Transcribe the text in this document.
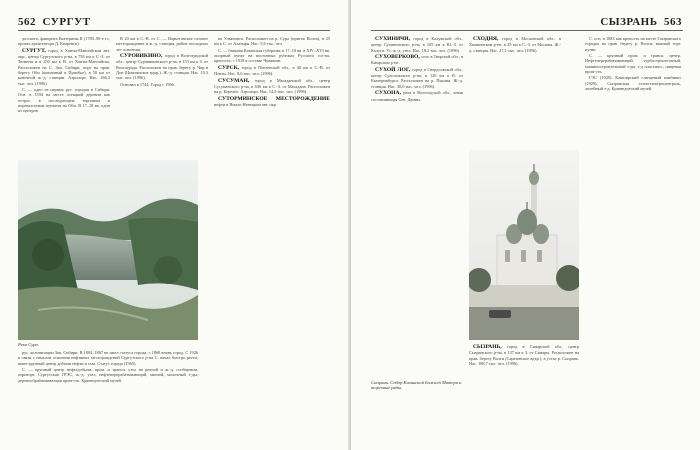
562 СУРГУТ

досского, фаворита Екатерины II (1780–90-е гг., проект архитектора Д. Кваренги).

СУРГУТ, город в Ханты-Мансийском авт. окр., центр Сургутского р-на, в 758 км к С.-З. от Тюмени и в 250 км к В. от Ханты-Мансийска. Расположен на С. Зап. Сибири, порт на прав. берегу Оби (кошенный в Приобье), в 50 км от конечной ж.-д. станции. Аэропорт. Нас. 266,3 тыс. чел. (1996).

С. — одно из первых рус. городов в Сибири. Осн. в 1594 на месте остяцкой деревни как острог, в последующем торговым и перевалочным пунктом на Оби. В 17–18 вв. один из центров

Река Сура.

В 20 км к С.-В. от С. — Варьеганское газовое месторождение и ж.-д. станция, район последних лет освоения.

СУРОВИКИНО, город в Волгоградской обл., центр Суровикинского р-на, в 153 км к З. от Волгограда. Расположен на прав. берегу р. Чир в Дон (Цимлянское вдхр.). Ж.-д. станция. Нас. 19,3 тыс. чел. (1996).

Основан в 1744. Город с 1966.

на Ульяновск. Расположен на р. Сура (приток Волги), в 25 км к С. от Алатыря. Нас. 5,6 тыс. чел.

С. — бывшая Казанская губерния; в 17–18 вв. в XIV–XVI вв. опорный пункт на восточных рубежах Русского гос-ва, крепость; с 1918 в составе Чувашии.

СУРСК, город в Пензенской обл., в 40 км к С.-В. от Пензы. Нас. 8,6 тыс. чел. (1996).

СУСУМАН, город в Магаданской обл., центр Сусуманского р-на, в 630 км к С.-З. от Магадана. Расположен на р. Берелёх. Аэропорт. Нас. 14,9 тыс. чел. (1996).

СУТОРМИНСКОЕ МЕСТОРОЖДЕНИЕ нефти в Ямало-Ненецком авт. окр.

рус. колонизации Зап. Сибири. В 1804–1867 не имел статуса города; с 1868 вновь город. С 1926 в связи с началом освоения нефтяных месторождений Сургутского р-на С. начал быстро расти; ныне крупный центр добычи нефти и газа. Статус города (1965).

С. — крупный центр нефтедобычи, пром. и трансп. узел на речной и ж.-д. сообщении, аэропорт. Сургутская ГРЭС, ж.-д. узел, нефтеперерабатывающий, мясной, молочный з-ды; деревообрабатывающая пром-сть. Краеведческий музей.

СЫЗРАНЬ 563

СУХИНИЧИ, город в Калужской обл., центр Сухиничского р-на, в 105 км к Ю.-З. от Калуги. Уз. ж.-д. узел. Нас. 18,2 тыс. чел. (1996).

СУХОВЕРКОВО, село в Тверской обл., в Кимрском р-не.

СУХОЙ ЛОГ, город в Свердловской обл., центр Сухоложского р-на, в 120 км к В. от Екатеринбурга. Расположен на р. Пышма. Ж.-д. станция. Нас. 38,0 тыс. чел. (1996).

СУХОНА, река в Вологодской обл., левая составляющая Сев. Двины.

СХОДНЯ, город в Московской обл., в Химкинском р-не, в 29 км к С.-З. от Москвы. Ж.-д. станция. Нас. 27,1 тыс. чел. (1996).

Сызрань. Собор Казанской Божией Матери и торговые ряды.

СЫЗРАНЬ, город в Самарской обл., центр Сызранского р-на, в 137 км к З. от Самары. Расположен на прав. берегу Волги (Саратовское вдхр.), в устье р. Сызрань. Нас. 188,7 тыс. чел. (1996).

С. осн. в 1683 как крепость на месте Сызранского городка на прав. берегу р. Волги; важный торг. пункт.

С. — крупный пром. и трансп. центр. Нефтеперерабатывающий, турбостроительный, машиностроительный з-ды, з-д пластмасс, пищевая пром-сть.

ГЭС (1929). Кашпирский сланцевый комбинат (1929), Сызранская теплоэлектроцентраль, литейный з-д. Краеведческий музей.
